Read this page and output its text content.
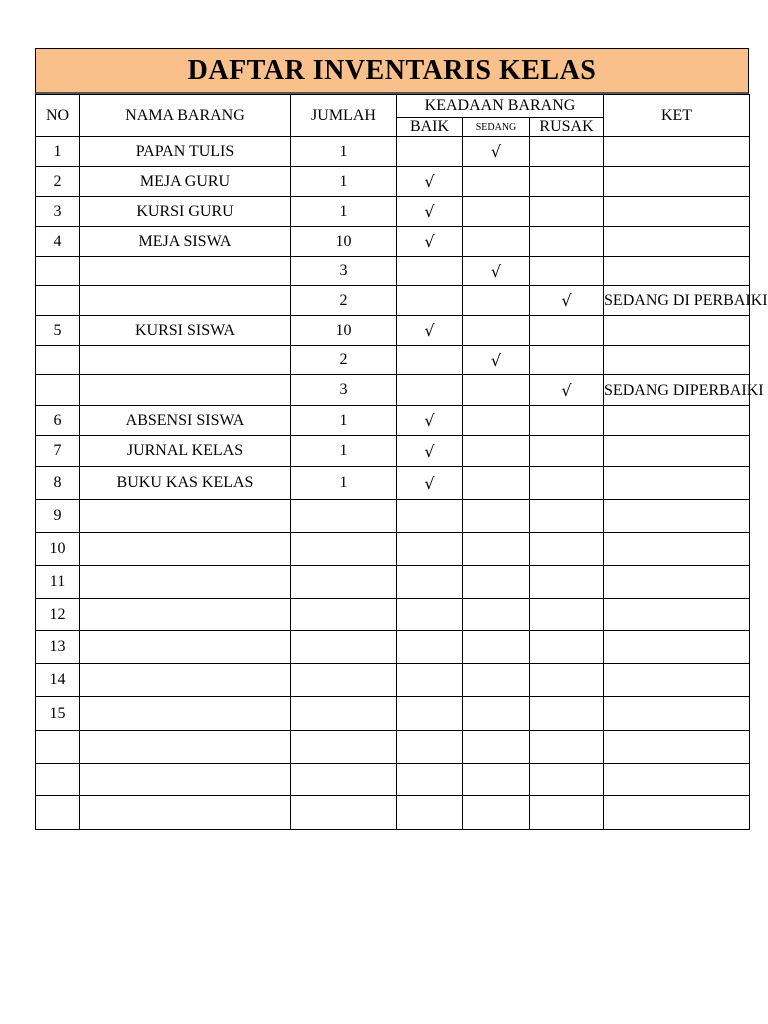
DAFTAR INVENTARIS KELAS
NO	NAMA BARANG	JUMLAH	KEADAAN BARANG			KET
			BAIK	SEDANG	RUSAK	
1	PAPAN TULIS	1		√		
2	MEJA GURU	1	√			
3	KURSI GURU	1	√			
4	MEJA SISWA	10	√			
		3		√		
		2			√	SEDANG DI PERBAIKI
5	KURSI SISWA	10	√			
		2		√		
		3			√	SEDANG DIPERBAIKI
6	ABSENSI SISWA	1	√			
7	JURNAL KELAS	1	√			
8	BUKU KAS KELAS	1	√			
9						
10						
11						
12						
13						
14						
15						
